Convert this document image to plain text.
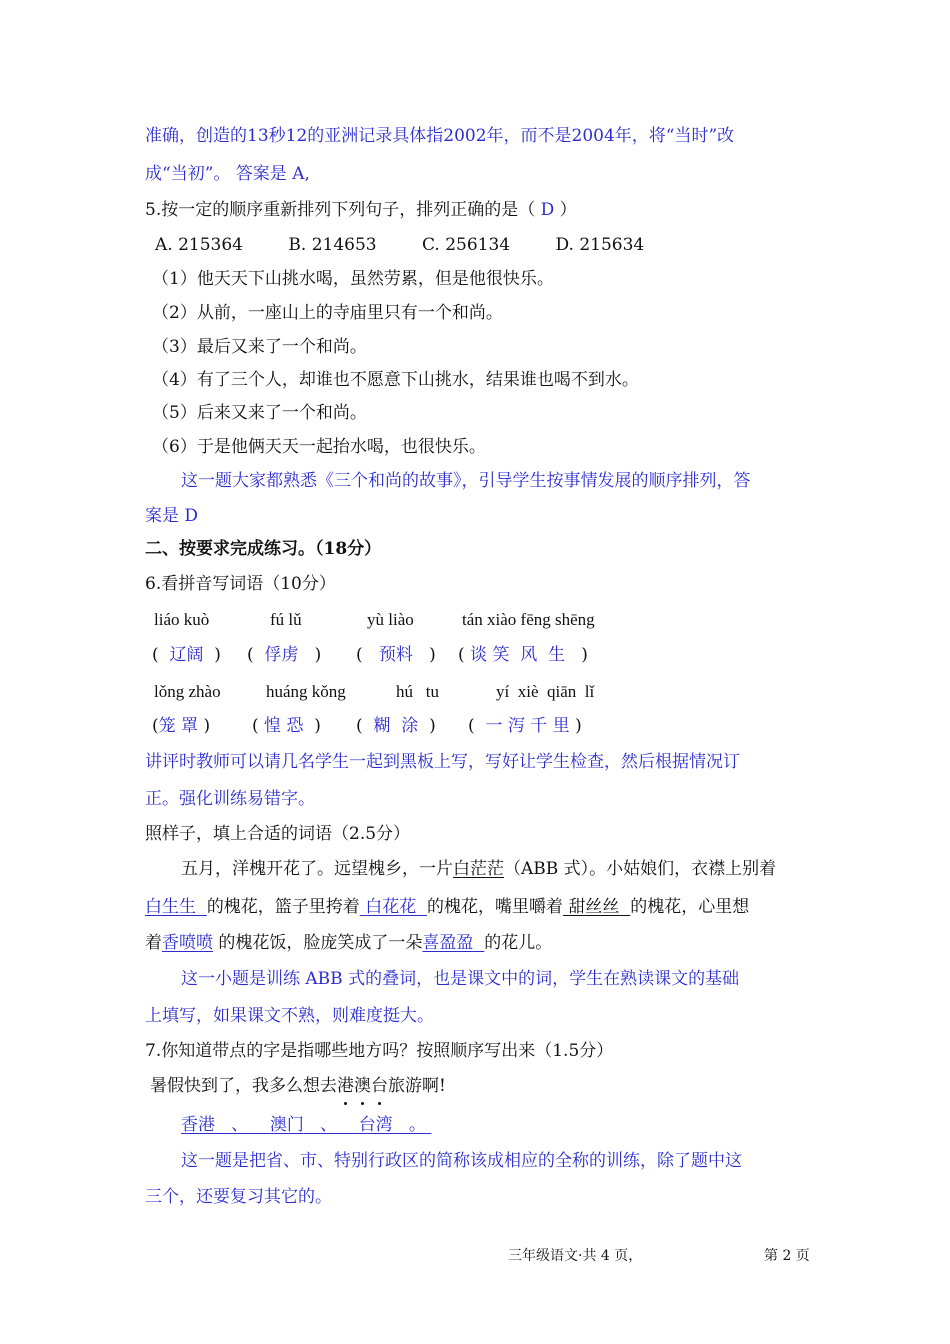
准确，创造的13秒12的亚洲记录具体指2002年，而不是2004年，将“当时”改
成“当初”。 答案是 A,
5.按一定的顺序重新排列下列句子，排列正确的是（ D ）
A. 215364	B. 214653	C. 256134	D. 215634
（1）他天天下山挑水喝，虽然劳累，但是他很快乐。
（2）从前，一座山上的寺庙里只有一个和尚。
（3）最后又来了一个和尚。
（4）有了三个人，却谁也不愿意下山挑水，结果谁也喝不到水。
（5）后来又来了一个和尚。
（6）于是他俩天天一起抬水喝，也很快乐。
这一题大家都熟悉《三个和尚的故事》，引导学生按事情发展的顺序排列，答
案是 D
二、按要求完成练习。（18分）
6.看拼音写词语（10分）
liáo kuò	fú lǔ	yù liào	tán xiào fēng shēng
( 辽阔 ) ( 俘虏 ) ( 预料 ) ( 谈 笑  风  生 )
lǒng zhào	huáng kǒng	hú   tu	yí  xiè  qiān  lǐ
(笼 罩 ) ( 惶 恐 ) ( 糊  涂 ) ( 一 泻 千 里 )
讲评时教师可以请几名学生一起到黑板上写，写好让学生检查，然后根据情况订
正。强化训练易错字。
照样子，填上合适的词语（2.5分）
五月，洋槐开花了。远望槐乡，一片白茫茫（ABB 式）。小姑娘们，衣襟上别着
白生生 的槐花，篮子里挎着 白花花 的槐花，嘴里嚼着 甜丝丝 的槐花，心里想
着香喷喷 的槐花饭，脸庞笑成了一朵喜盈盈 的花儿。
这一小题是训练 ABB 式的叠词，也是课文中的词，学生在熟读课文的基础
上填写，如果课文不熟，则难度挺大。
7.你知道带点的字是指哪些地方吗？按照顺序写出来（1.5分）
暑假快到了，我多么想去港澳台旅游啊!
香港 、 澳门 、 台湾 。
这一题是把省、市、特别行政区的简称该成相应的全称的训练，除了题中这
三个，还要复习其它的。
三年级语文·共 4 页，	第 2 页
